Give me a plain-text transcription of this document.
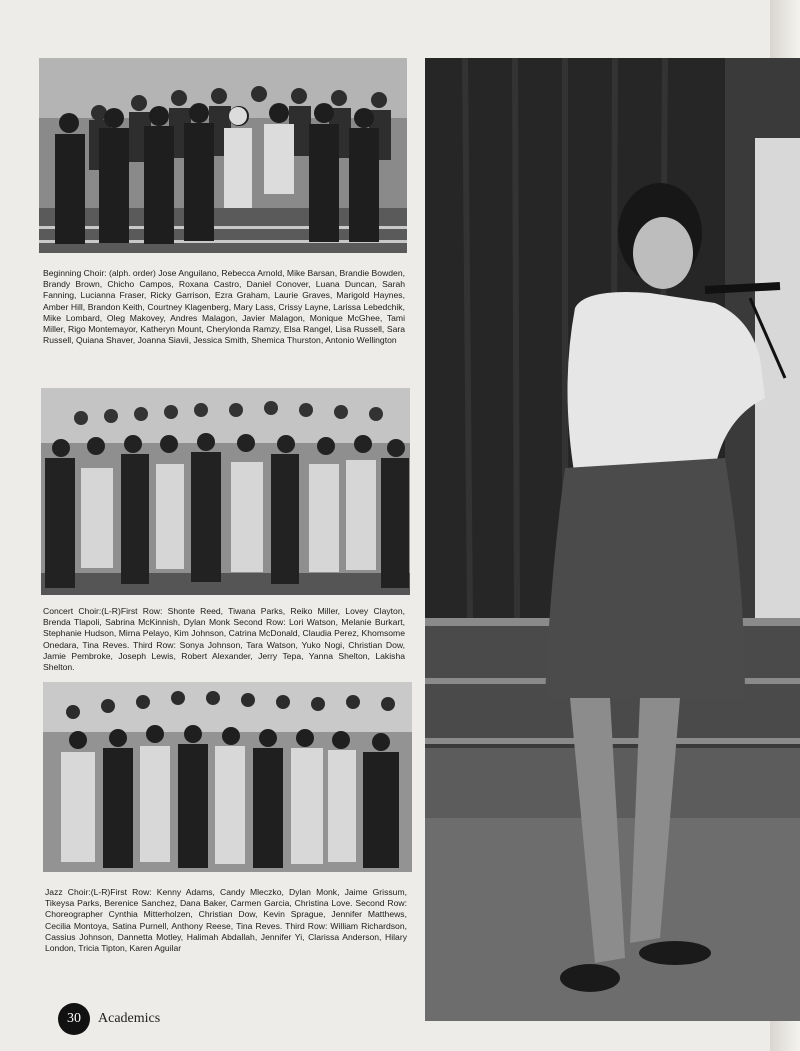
Beginning Choir: (alph. order) Jose Anguilano, Rebecca Arnold, Mike Barsan, Brandie Bowden, Brandy Brown, Chicho Campos, Roxana Castro, Daniel Conover, Luana Duncan, Sarah Fanning, Lucianna Fraser, Ricky Garrison, Ezra Graham, Laurie Graves, Marigold Haynes, Amber Hill, Brandon Keith, Courtney Klagenberg, Mary Lass, Crissy Layne, Larissa Lebedchik, Mike Lombard, Oleg Makovey, Andres Malagon, Javier Malagon, Monique McGhee, Tami Miller, Rigo Montemayor, Katheryn Mount, Cherylonda Ramzy, Elsa Rangel, Lisa Russell, Sara Russell, Quiana Shaver, Joanna Siavii, Jessica Smith, Shemica Thurston, Antonio Wellington

Concert Choir:(L-R)First Row: Shonte Reed, Tiwana Parks, Reiko Miller, Lovey Clayton, Brenda Tlapoli, Sabrina McKinnish, Dylan Monk Second Row: Lori Watson, Melanie Burkart, Stephanie Hudson, Mirna Pelayo, Kim Johnson, Catrina McDonald, Claudia Perez, Khomsome Onedara, Tina Reves. Third Row: Sonya Johnson, Tara Watson, Yuko Nogi, Christian Dow, Jamie Pembroke, Joseph Lewis, Robert Alexander, Jerry Tepa, Yanna Shelton, Lakisha Shelton.

Jazz Choir:(L-R)First Row: Kenny Adams, Candy Mleczko, Dylan Monk, Jaime Grissum, Tikeysa Parks, Berenice Sanchez, Dana Baker, Carmen Garcia, Christina Love. Second Row: Choreographer Cynthia Mitterholzen, Christian Dow, Kevin Sprague, Jennifer Matthews, Cecilia Montoya, Satina Purnell, Anthony Reese, Tina Reves. Third Row: William Richardson, Cassius Johnson, Dannetta Motley, Halimah Abdallah, Jennifer Yi, Clarissa Anderson, Hilary London, Tricia Tipton, Karen Aguilar

30	Academics
